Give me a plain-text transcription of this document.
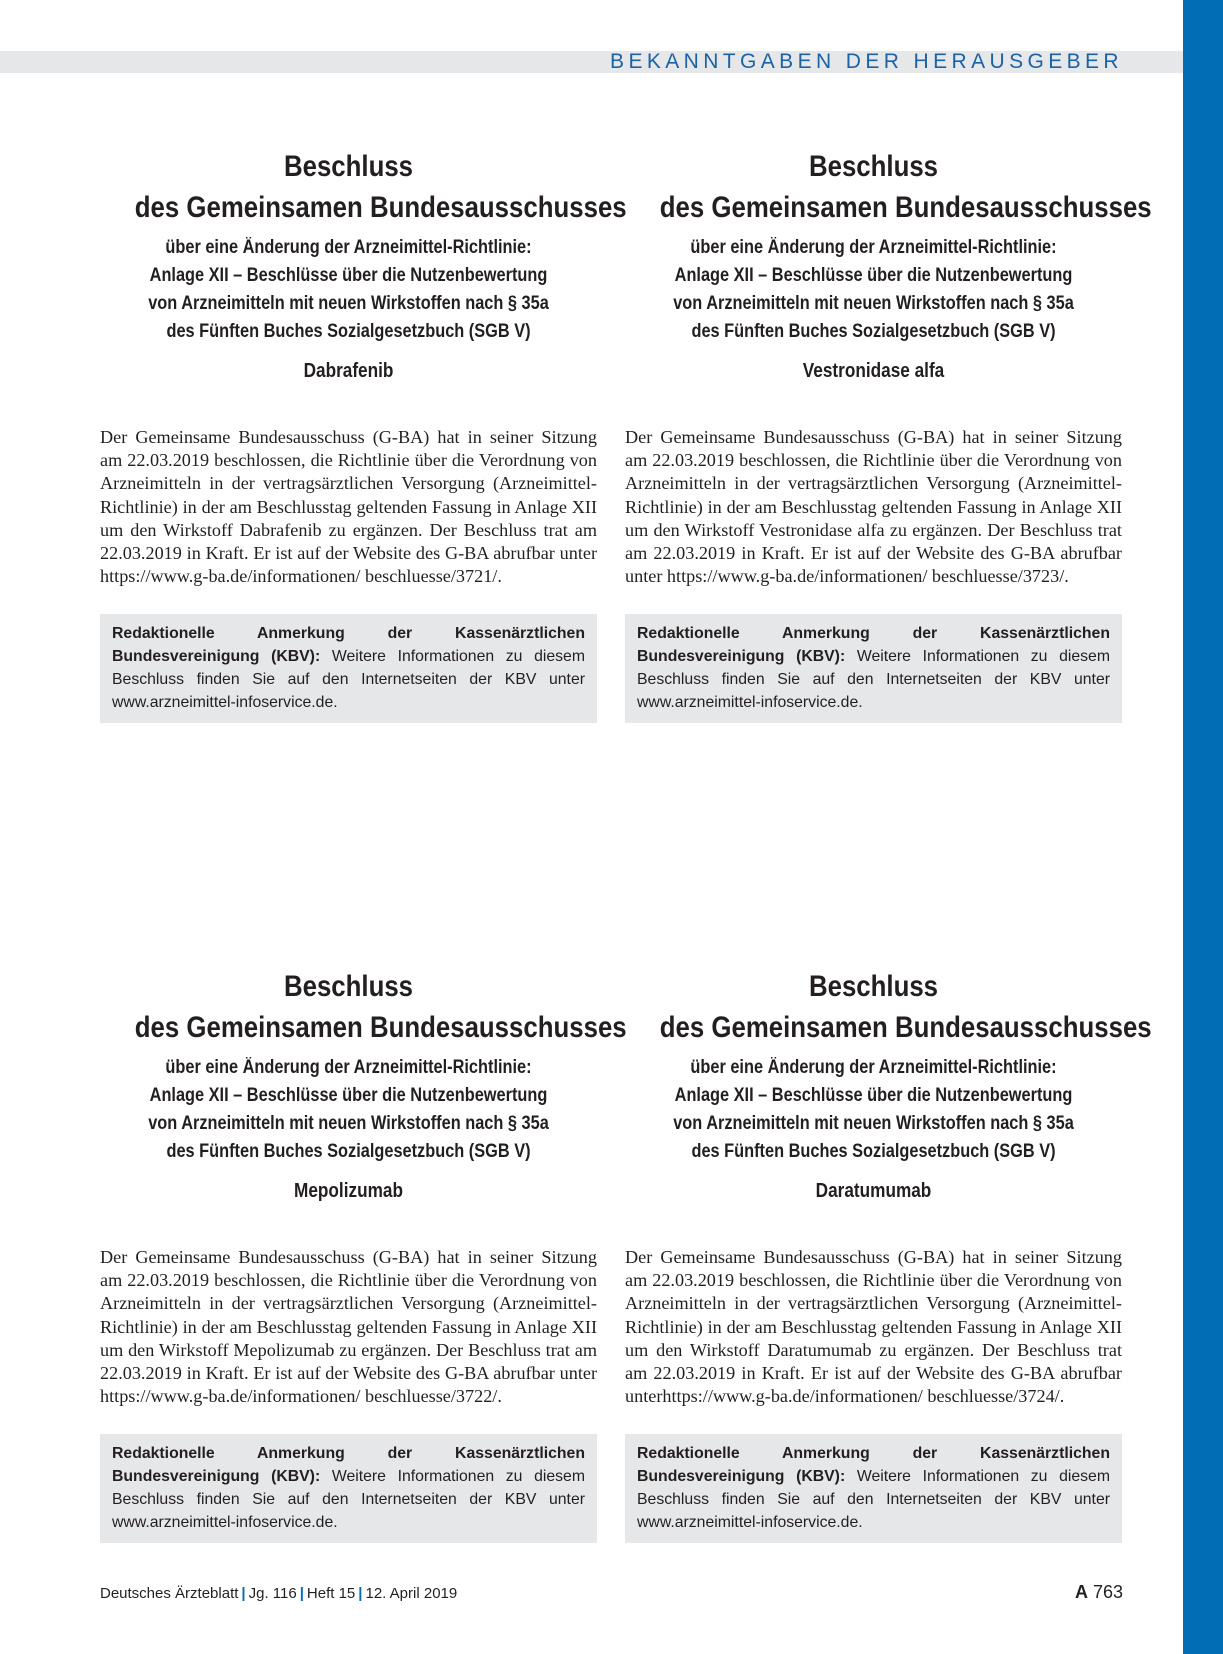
BEKANNTGABEN DER HERAUSGEBER
Beschluss
des Gemeinsamen Bundesausschusses
über eine Änderung der Arzneimittel-Richtlinie:
Anlage XII – Beschlüsse über die Nutzenbewertung
von Arzneimitteln mit neuen Wirkstoffen nach § 35a
des Fünften Buches Sozialgesetzbuch (SGB V)
Dabrafenib
Der Gemeinsame Bundesausschuss (G-BA) hat in seiner Sitzung am 22.03.2019 beschlossen, die Richtlinie über die Verordnung von Arzneimitteln in der vertragsärztlichen Versorgung (Arzneimittel-Richtlinie) in der am Beschlusstag geltenden Fassung in Anlage XII um den Wirkstoff Dabrafenib zu ergänzen. Der Beschluss trat am 22.03.2019 in Kraft. Er ist auf der Website des G-BA abrufbar unter https://www.g-ba.de/informationen/ beschluesse/3721/.
Redaktionelle Anmerkung der Kassenärztlichen Bundesvereinigung (KBV): Weitere Informationen zu diesem Beschluss finden Sie auf den Internetseiten der KBV unter www.arzneimittel-infoservice.de.
Beschluss
des Gemeinsamen Bundesausschusses
über eine Änderung der Arzneimittel-Richtlinie:
Anlage XII – Beschlüsse über die Nutzenbewertung
von Arzneimitteln mit neuen Wirkstoffen nach § 35a
des Fünften Buches Sozialgesetzbuch (SGB V)
Vestronidase alfa
Der Gemeinsame Bundesausschuss (G-BA) hat in seiner Sitzung am 22.03.2019 beschlossen, die Richtlinie über die Verordnung von Arzneimitteln in der vertragsärztlichen Versorgung (Arzneimittel-Richtlinie) in der am Beschlusstag geltenden Fassung in Anlage XII um den Wirkstoff Vestronidase alfa zu ergänzen. Der Beschluss trat am 22.03.2019 in Kraft. Er ist auf der Website des G-BA abrufbar unter https://www.g-ba.de/informationen/ beschluesse/3723/.
Redaktionelle Anmerkung der Kassenärztlichen Bundesvereinigung (KBV): Weitere Informationen zu diesem Beschluss finden Sie auf den Internetseiten der KBV unter www.arzneimittel-infoservice.de.
Beschluss
des Gemeinsamen Bundesausschusses
über eine Änderung der Arzneimittel-Richtlinie:
Anlage XII – Beschlüsse über die Nutzenbewertung
von Arzneimitteln mit neuen Wirkstoffen nach § 35a
des Fünften Buches Sozialgesetzbuch (SGB V)
Mepolizumab
Der Gemeinsame Bundesausschuss (G-BA) hat in seiner Sitzung am 22.03.2019 beschlossen, die Richtlinie über die Verordnung von Arzneimitteln in der vertragsärztlichen Versorgung (Arzneimittel-Richtlinie) in der am Beschlusstag geltenden Fassung in Anlage XII um den Wirkstoff Mepolizumab zu ergänzen. Der Beschluss trat am 22.03.2019 in Kraft. Er ist auf der Website des G-BA abrufbar unter https://www.g-ba.de/informationen/ beschluesse/3722/.
Redaktionelle Anmerkung der Kassenärztlichen Bundesvereinigung (KBV): Weitere Informationen zu diesem Beschluss finden Sie auf den Internetseiten der KBV unter www.arzneimittel-infoservice.de.
Beschluss
des Gemeinsamen Bundesausschusses
über eine Änderung der Arzneimittel-Richtlinie:
Anlage XII – Beschlüsse über die Nutzenbewertung
von Arzneimitteln mit neuen Wirkstoffen nach § 35a
des Fünften Buches Sozialgesetzbuch (SGB V)
Daratumumab
Der Gemeinsame Bundesausschuss (G-BA) hat in seiner Sitzung am 22.03.2019 beschlossen, die Richtlinie über die Verordnung von Arzneimitteln in der vertragsärztlichen Versorgung (Arzneimittel-Richtlinie) in der am Beschlusstag geltenden Fassung in Anlage XII um den Wirkstoff Daratumumab zu ergänzen. Der Beschluss trat am 22.03.2019 in Kraft. Er ist auf der Website des G-BA abrufbar unterhttps://www.g-ba.de/informationen/ beschluesse/3724/.
Redaktionelle Anmerkung der Kassenärztlichen Bundesvereinigung (KBV): Weitere Informationen zu diesem Beschluss finden Sie auf den Internetseiten der KBV unter www.arzneimittel-infoservice.de.
Deutsches Ärzteblatt | Jg. 116 | Heft 15 | 12. April 2019	A 763
